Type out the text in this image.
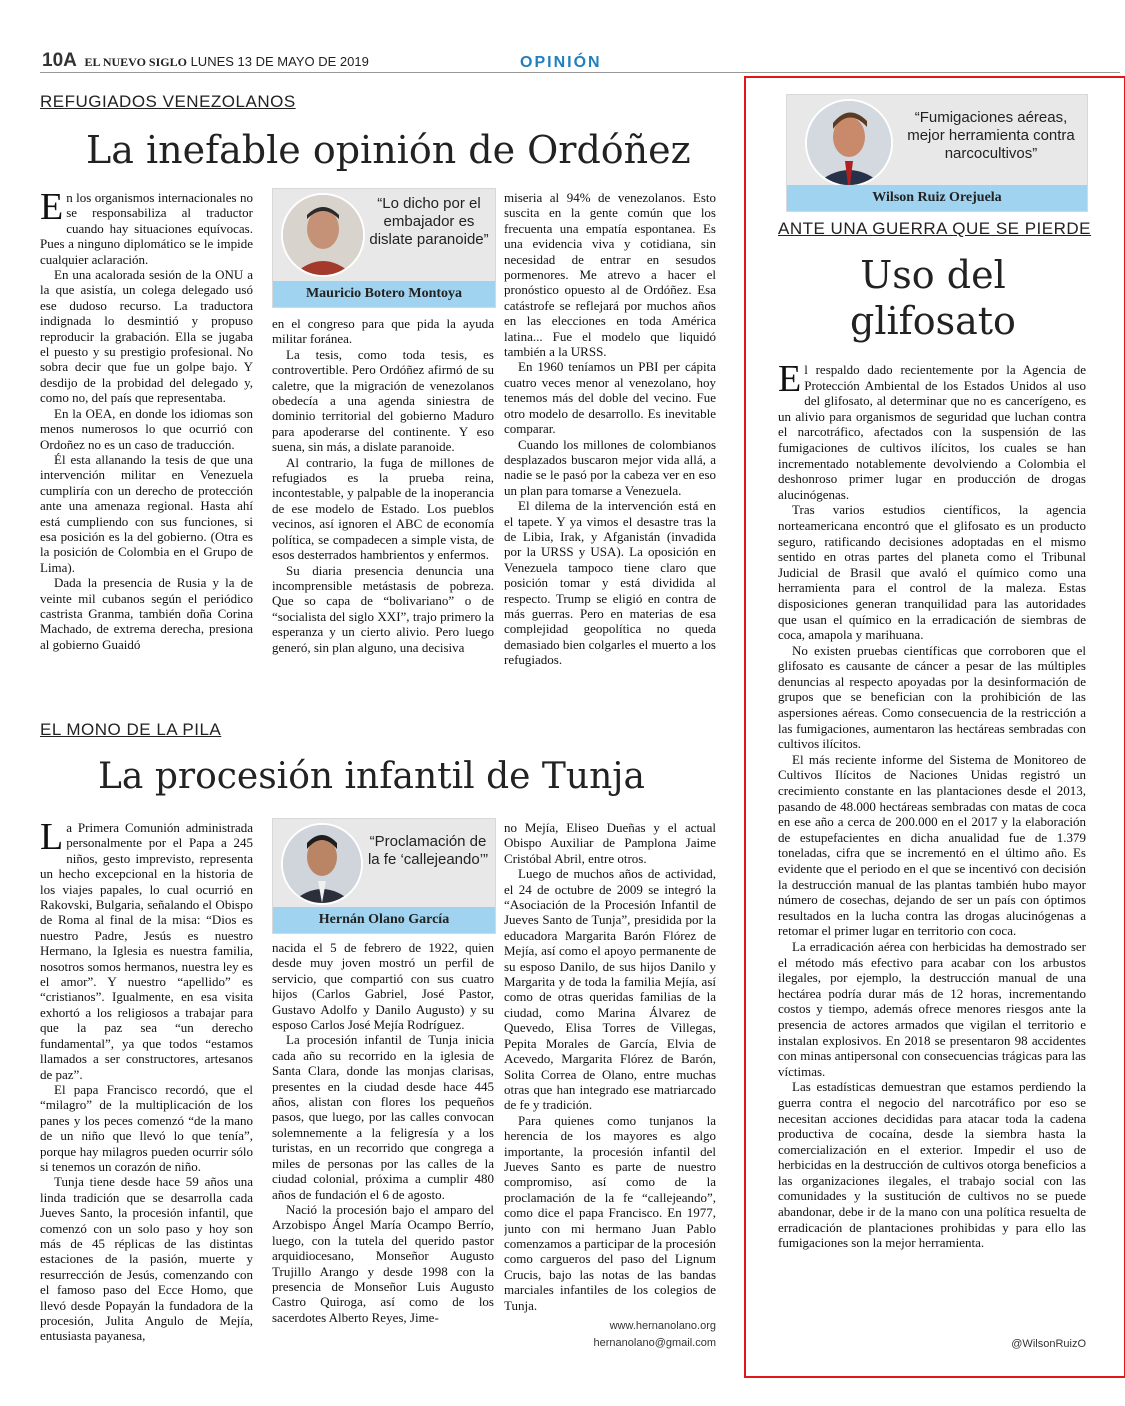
10A EL NUEVO SIGLO LUNES 13 DE MAYO DE 2019	OPINIÓN
REFUGIADOS VENEZOLANOS
La inefable opinión de Ordóñez
E n los organismos internacionales no se responsabiliza al traductor cuando hay situaciones equívocas. Pues a ninguno diplomático se le impide cualquier aclaración.

En una acalorada sesión de la ONU a la que asistía, un colega delegado usó ese dudoso recurso. La traductora indignada lo desmintió y propuso reproducir la grabación. Ella se jugaba el puesto y su prestigio profesional. No sobra decir que fue un golpe bajo. Y desdijo de la probidad del delegado y, como no, del país que representaba.

En la OEA, en donde los idiomas son menos numerosos lo que ocurrió con Ordoñez no es un caso de traducción.

Él esta allanando la tesis de que una intervención militar en Venezuela cumpliría con un derecho de protección ante una amenaza regional. Hasta ahí está cumpliendo con sus funciones, si esa posición es la del gobierno. (Otra es la posición de Colombia en el Grupo de Lima).

Dada la presencia de Rusia y la de veinte mil cubanos según el periódico castrista Granma, también doña Corina Machado, de extrema derecha, presiona al gobierno Guaidó

“Lo dicho por el embajador es dislate paranoide”
Mauricio Botero Montoya

en el congreso para que pida la ayuda militar foránea.

La tesis, como toda tesis, es controvertible. Pero Ordóñez afirmó de su caletre, que la migración de venezolanos obedecía a una agenda siniestra de dominio territorial del gobierno Maduro para apoderarse del continente. Y eso suena, sin más, a dislate paranoide.

Al contrario, la fuga de millones de refugiados es la prueba reina, incontestable, y palpable de la inoperancia de ese modelo de Estado. Los pueblos vecinos, así ignoren el ABC de economía política, se compadecen a simple vista, de esos desterrados hambrientos y enfermos.

Su diaria presencia denuncia una incomprensible metástasis de pobreza. Que so capa de “bolivariano” o de “socialista del siglo XXI”, trajo primero la esperanza y un cierto alivio. Pero luego generó, sin plan alguno, una decisiva

miseria al 94% de venezolanos. Esto suscita en la gente común que los frecuenta una empatía espontanea. Es una evidencia viva y cotidiana, sin necesidad de entrar en sesudos pormenores. Me atrevo a hacer el pronóstico opuesto al de Ordóñez. Esa catástrofe se reflejará por muchos años en las elecciones en toda América latina... Fue el modelo que liquidó también a la URSS.

En 1960 teníamos un PBI per cápita cuatro veces menor al venezolano, hoy tenemos más del doble del vecino. Fue otro modelo de desarrollo. Es inevitable comparar.

Cuando los millones de colombianos desplazados buscaron mejor vida allá, a nadie se le pasó por la cabeza ver en eso un plan para tomarse a Venezuela.

El dilema de la intervención está en el tapete. Y ya vimos el desastre tras la de Libia, Irak, y Afganistán (invadida por la URSS y USA). La oposición en Venezuela tampoco tiene claro que posición tomar y está dividida al respecto. Trump se eligió en contra de más guerras. Pero en materias de esa complejidad geopolítica no queda demasiado bien colgarles el muerto a los refugiados.

EL MONO DE LA PILA
La procesión infantil de Tunja
L a Primera Comunión administrada personalmente por el Papa a 245 niños, gesto imprevisto, representa un hecho excepcional en la historia de los viajes papales, lo cual ocurrió en Rakovski, Bulgaria, señalando el Obispo de Roma al final de la misa: “Dios es nuestro Padre, Jesús es nuestro Hermano, la Iglesia es nuestra familia, nosotros somos hermanos, nuestra ley es el amor”. Y nuestro “apellido” es “cristianos”. Igualmente, en esa visita exhortó a los religiosos a trabajar para que la paz sea “un derecho fundamental”, ya que todos “estamos llamados a ser constructores, artesanos de paz”.

El papa Francisco recordó, que el “milagro” de la multiplicación de los panes y los peces comenzó “de la mano de un niño que llevó lo que tenía”, porque hay milagros pueden ocurrir sólo si tenemos un corazón de niño.

Tunja tiene desde hace 59 años una linda tradición que se desarrolla cada Jueves Santo, la procesión infantil, que comenzó con un solo paso y hoy son más de 45 réplicas de las distintas estaciones de la pasión, muerte y resurrección de Jesús, comenzando con el famoso paso del Ecce Homo, que llevó desde Popayán la fundadora de la procesión, Julita Angulo de Mejía, entusiasta payanesa,

“Proclamación de la fe ‘callejeando’”
Hernán Olano García

nacida el 5 de febrero de 1922, quien desde muy joven mostró un perfil de servicio, que compartió con sus cuatro hijos (Carlos Gabriel, José Pastor, Gustavo Adolfo y Danilo Augusto) y su esposo Carlos José Mejía Rodríguez.

La procesión infantil de Tunja inicia cada año su recorrido en la iglesia de Santa Clara, donde las monjas clarisas, presentes en la ciudad desde hace 445 años, alistan con flores los pequeños pasos, que luego, por las calles convocan solemnemente a la feligresía y a los turistas, en un recorrido que congrega a miles de personas por las calles de la ciudad colonial, próxima a cumplir 480 años de fundación el 6 de agosto.

Nació la procesión bajo el amparo del Arzobispo Ángel María Ocampo Berrío, luego, con la tutela del querido pastor arquidiocesano, Monseñor Augusto Trujillo Arango y desde 1998 con la presencia de Monseñor Luis Augusto Castro Quiroga, así como de los sacerdotes Alberto Reyes, Jime-

no Mejía, Eliseo Dueñas y el actual Obispo Auxiliar de Pamplona Jaime Cristóbal Abril, entre otros.

Luego de muchos años de actividad, el 24 de octubre de 2009 se integró la “Asociación de la Procesión Infantil de Jueves Santo de Tunja”, presidida por la educadora Margarita Barón Flórez de Mejía, así como el apoyo permanente de su esposo Danilo, de sus hijos Danilo y Margarita y de toda la familia Mejía, así como de otras queridas familias de la ciudad, como Marina Álvarez de Quevedo, Elisa Torres de Villegas, Pepita Morales de García, Elvia de Acevedo, Margarita Flórez de Barón, Solita Correa de Olano, entre muchas otras que han integrado ese matriarcado de fe y tradición.

Para quienes como tunjanos la herencia de los mayores es algo importante, la procesión infantil del Jueves Santo es parte de nuestro compromiso, así como de la proclamación de la fe “callejeando”, como dice el papa Francisco. En 1977, junto con mi hermano Juan Pablo comenzamos a participar de la procesión como cargueros del paso del Lignum Crucis, bajo las notas de las bandas marciales infantiles de los colegios de Tunja.

www.hernanolano.org
hernanolano@gmail.com
“Fumigaciones aéreas, mejor herramienta contra narcocultivos”
Wilson Ruiz Orejuela
ANTE UNA GUERRA QUE SE PIERDE
Uso del
glifosato
E l respaldo dado recientemente por la Agencia de Protección Ambiental de los Estados Unidos al uso del glifosato, al determinar que no es cancerígeno, es un alivio para organismos de seguridad que luchan contra el narcotráfico, afectados con la suspensión de las fumigaciones de cultivos ilícitos, los cuales se han incrementado notablemente devolviendo a Colombia el deshonroso primer lugar en producción de drogas alucinógenas.

Tras varios estudios científicos, la agencia norteamericana encontró que el glifosato es un producto seguro, ratificando decisiones adoptadas en el mismo sentido en otras partes del planeta como el Tribunal Judicial de Brasil que avaló el químico como una herramienta para el control de la maleza. Estas disposiciones generan tranquilidad para las autoridades que usan el químico en la erradicación de siembras de coca, amapola y marihuana.

No existen pruebas científicas que corroboren que el glifosato es causante de cáncer a pesar de las múltiples denuncias al respecto apoyadas por la desinformación de grupos que se benefician con la prohibición de las aspersiones aéreas. Como consecuencia de la restricción a las fumigaciones, aumentaron las hectáreas sembradas con cultivos ilícitos.

El más reciente informe del Sistema de Monitoreo de Cultivos Ilícitos de Naciones Unidas registró un crecimiento constante en las plantaciones desde el 2013, pasando de 48.000 hectáreas sembradas con matas de coca en ese año a cerca de 200.000 en el 2017 y la elaboración de estupefacientes en dicha anualidad fue de 1.379 toneladas, cifra que se incrementó en el último año. Es evidente que el periodo en el que se incentivó con decisión la destrucción manual de las plantas también hubo mayor número de cosechas, dejando de ser un país con óptimos resultados en la lucha contra las drogas alucinógenas a retomar el primer lugar en territorio con coca.

La erradicación aérea con herbicidas ha demostrado ser el método más efectivo para acabar con los arbustos ilegales, por ejemplo, la destrucción manual de una hectárea podría durar más de 12 horas, incrementando costos y tiempo, además ofrece menores riesgos ante la presencia de actores armados que vigilan el territorio e instalan explosivos. En 2018 se presentaron 98 accidentes con minas antipersonal con consecuencias trágicas para las víctimas.

Las estadísticas demuestran que estamos perdiendo la guerra contra el negocio del narcotráfico por eso se necesitan acciones decididas para atacar toda la cadena productiva de cocaína, desde la siembra hasta la comercialización en el exterior. Impedir el uso de herbicidas en la destrucción de cultivos otorga beneficios a las organizaciones ilegales, el trabajo social con las comunidades y la sustitución de cultivos no se puede abandonar, debe ir de la mano con una política resuelta de erradicación de plantaciones prohibidas y para ello las fumigaciones son la mejor herramienta.

@WilsonRuizO
